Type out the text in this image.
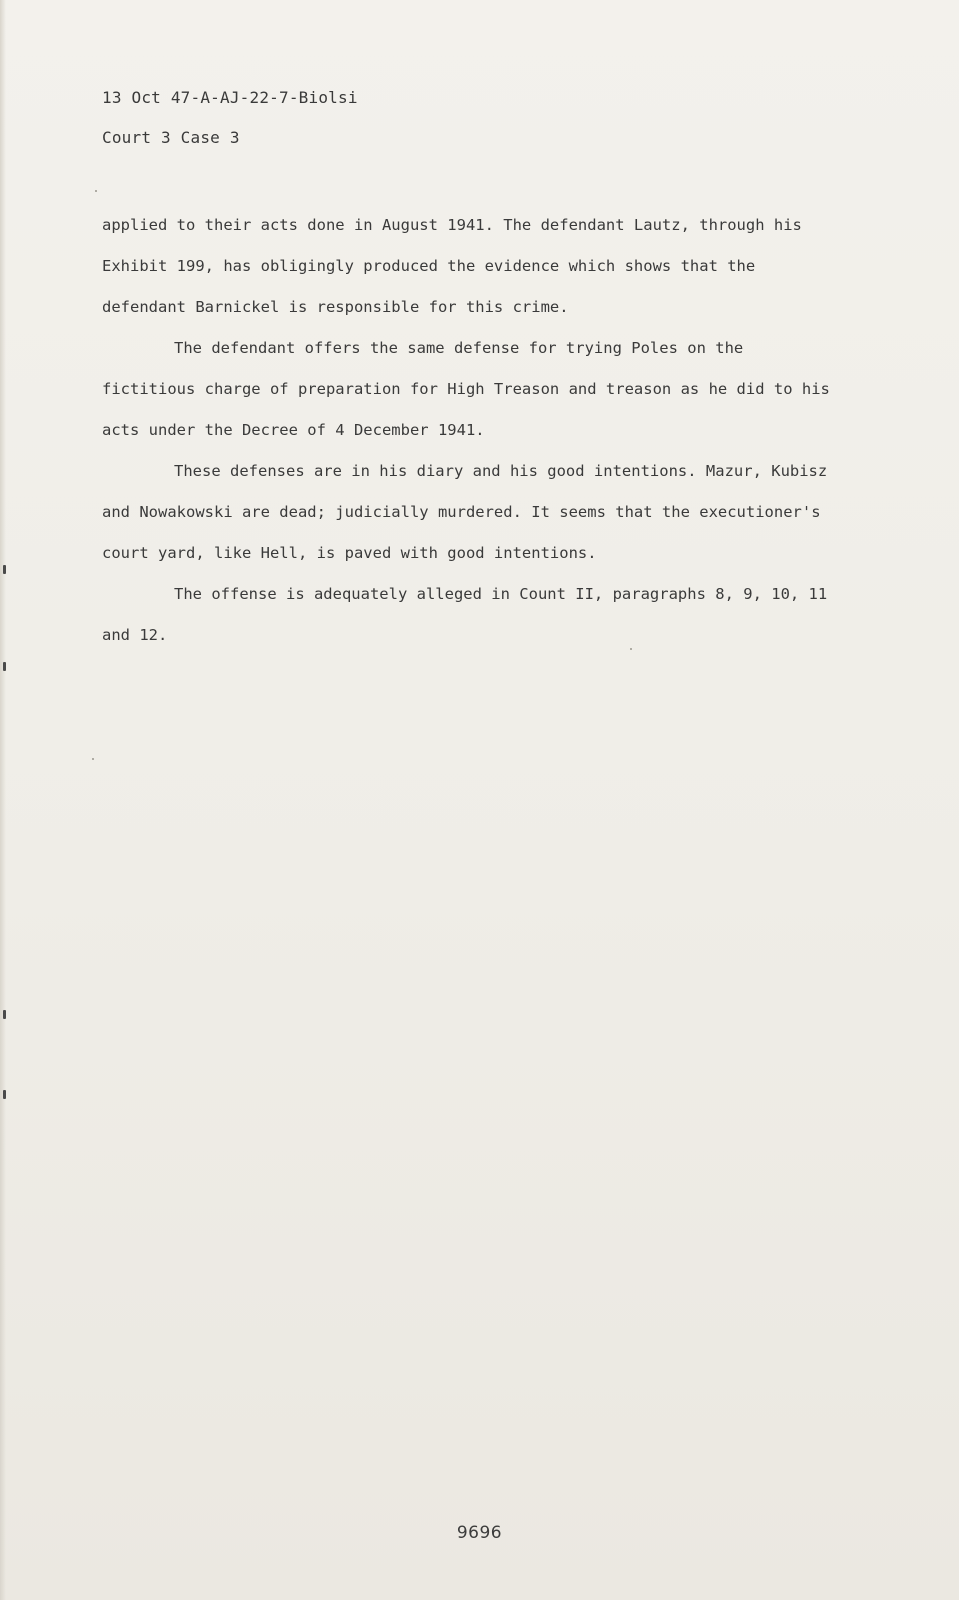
13 Oct 47-A-AJ-22-7-Biolsi
Court 3 Case 3

applied to their acts done in August 1941. The defendant Lautz, through his Exhibit 199, has obligingly produced the evidence which shows that the defendant Barnickel is responsible for this crime.

The defendant offers the same defense for trying Poles on the fictitious charge of preparation for High Treason and treason as he did to his acts under the Decree of 4 December 1941.

These defenses are in his diary and his good intentions. Mazur, Kubisz and Nowakowski are dead; judicially murdered. It seems that the executioner's court yard, like Hell, is paved with good intentions.

The offense is adequately alleged in Count II, paragraphs 8, 9, 10, 11 and 12.

9696
